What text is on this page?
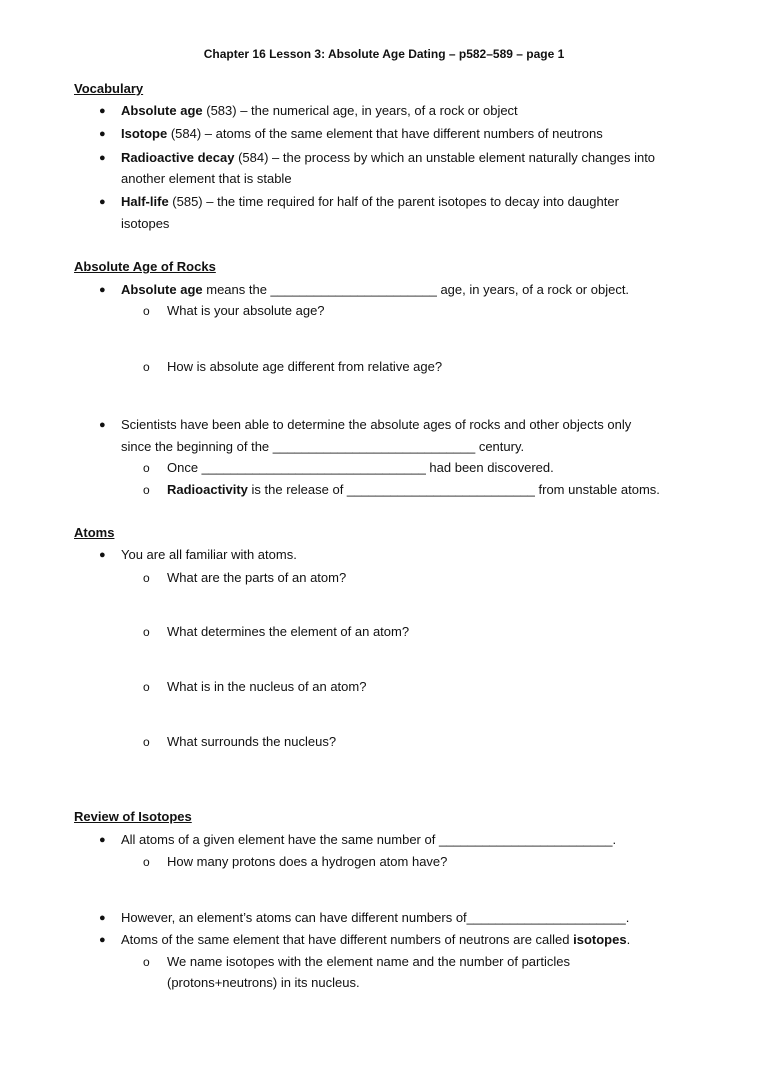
Chapter 16 Lesson 3: Absolute Age Dating – p582–589 – page 1
Vocabulary
● Absolute age (583) – the numerical age, in years, of a rock or object
● Isotope (584) – atoms of the same element that have different numbers of neutrons
● Radioactive decay (584) – the process by which an unstable element naturally changes into
another element that is stable
● Half-life (585) – the time required for half of the parent isotopes to decay into daughter
isotopes
Absolute Age of Rocks
● Absolute age means the _______________________ age, in years, of a rock or object.
o What is your absolute age?
o How is absolute age different from relative age?
● Scientists have been able to determine the absolute ages of rocks and other objects only
since the beginning of the ____________________________ century.
o Once _______________________________ had been discovered.
o Radioactivity is the release of __________________________ from unstable atoms.
Atoms
● You are all familiar with atoms.
o What are the parts of an atom?
o What determines the element of an atom?
o What is in the nucleus of an atom?
o What surrounds the nucleus?
Review of Isotopes
● All atoms of a given element have the same number of ________________________.
o How many protons does a hydrogen atom have?
● However, an element’s atoms can have different numbers of______________________.
● Atoms of the same element that have different numbers of neutrons are called isotopes.
o We name isotopes with the element name and the number of particles
(protons+neutrons) in its nucleus.
